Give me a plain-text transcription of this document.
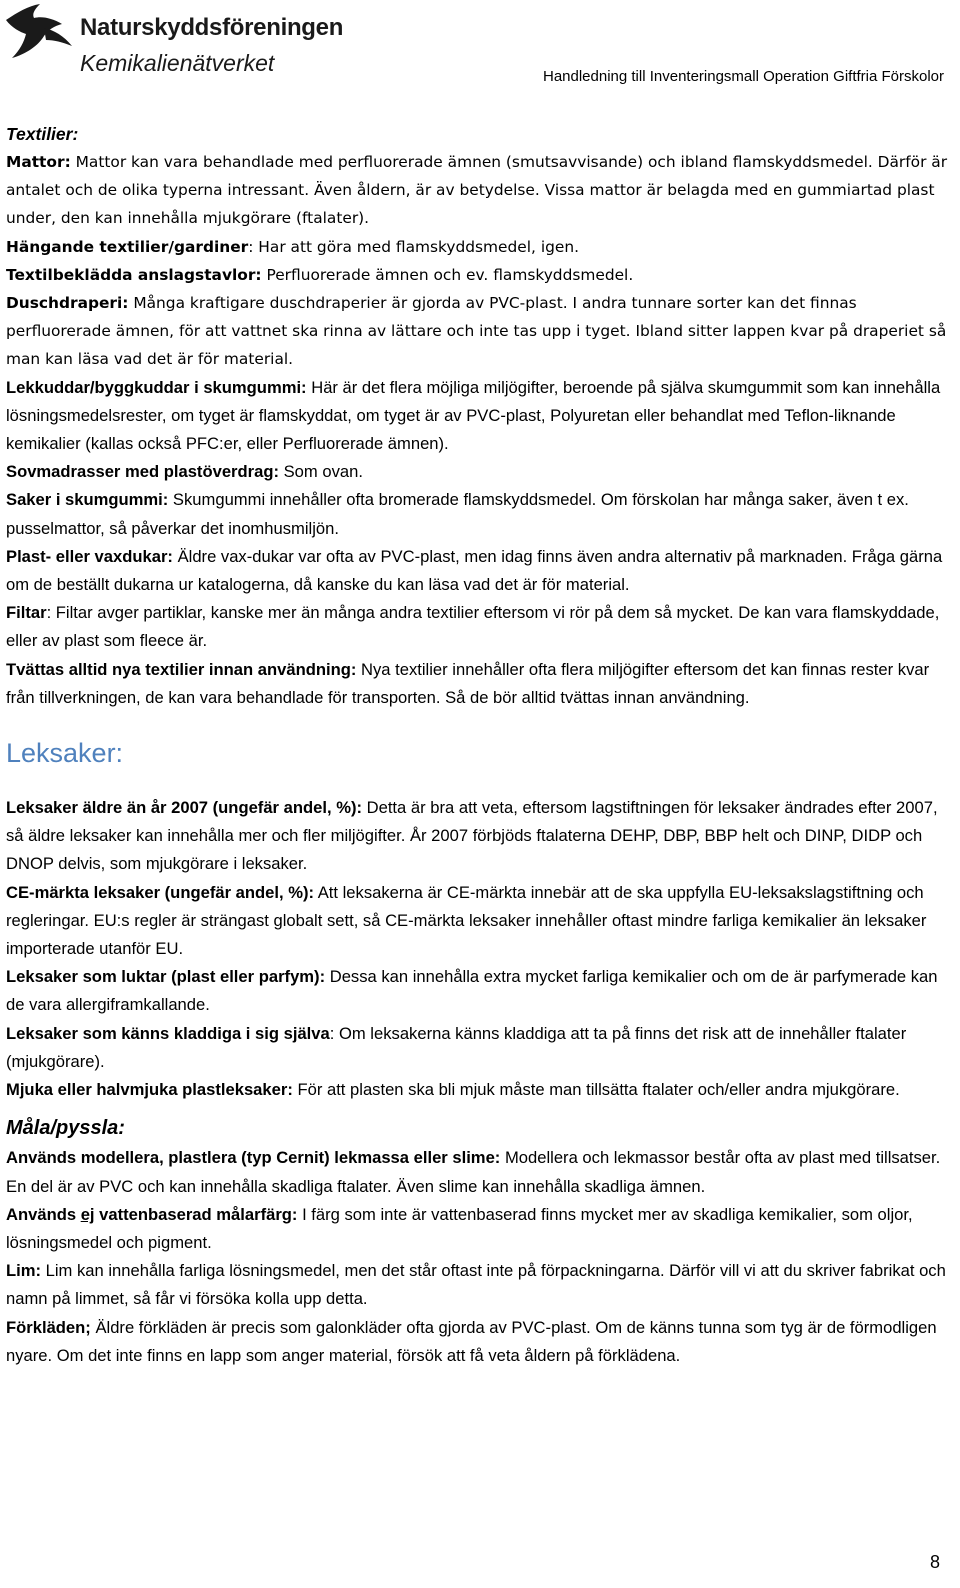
Naturskyddsföreningen
Kemikalienätverket
Handledning till Inventeringsmall Operation Giftfria Förskolor
Textilier:

Mattor: Mattor kan vara behandlade med perfluorerade ämnen (smutsavvisande) och ibland flamskyddsmedel. Därför är antalet och de olika typerna intressant. Även åldern, är av betydelse. Vissa mattor är belagda med en gummiartad plast under, den kan innehålla mjukgörare (ftalater).

Hängande textilier/gardiner: Har att göra med flamskyddsmedel, igen.

Textilbeklädda anslagstavlor: Perfluorerade ämnen och ev. flamskyddsmedel.

Duschdraperi: Många kraftigare duschdraperier är gjorda av PVC-plast. I andra tunnare sorter kan det finnas perfluorerade ämnen, för att vattnet ska rinna av lättare och inte tas upp i tyget. Ibland sitter lappen kvar på draperiet så man kan läsa vad det är för material.

Lekkuddar/byggkuddar i skumgummi: Här är det flera möjliga miljögifter, beroende på själva skumgummit som kan innehålla lösningsmedelsrester, om tyget är flamskyddat, om tyget är av PVC-plast, Polyuretan eller behandlat med Teflon-liknande kemikalier (kallas också PFC:er, eller Perfluorerade ämnen).

Sovmadrasser med plastöverdrag: Som ovan.

Saker i skumgummi: Skumgummi innehåller ofta bromerade flamskyddsmedel. Om förskolan har många saker, även t ex. pusselmattor, så påverkar det inomhusmiljön.

Plast- eller vaxdukar: Äldre vax-dukar var ofta av PVC-plast, men idag finns även andra alternativ på marknaden. Fråga gärna om de beställt dukarna ur katalogerna, då kanske du kan läsa vad det är för material.

Filtar: Filtar avger partiklar, kanske mer än många andra textilier eftersom vi rör på dem så mycket. De kan vara flamskyddade, eller av plast som fleece är.

Tvättas alltid nya textilier innan användning: Nya textilier innehåller ofta flera miljögifter eftersom det kan finnas rester kvar från tillverkningen, de kan vara behandlade för transporten. Så de bör alltid tvättas innan användning.

Leksaker:

Leksaker äldre än år 2007 (ungefär andel, %): Detta är bra att veta, eftersom lagstiftningen för leksaker ändrades efter 2007, så äldre leksaker kan innehålla mer och fler miljögifter. År 2007 förbjöds ftalaterna DEHP, DBP, BBP helt och DINP, DIDP och DNOP delvis, som mjukgörare i leksaker.

CE-märkta leksaker (ungefär andel, %): Att leksakerna är CE-märkta innebär att de ska uppfylla EU-leksakslagstiftning och regleringar. EU:s regler är strängast globalt sett, så CE-märkta leksaker innehåller oftast mindre farliga kemikalier än leksaker importerade utanför EU.

Leksaker som luktar (plast eller parfym): Dessa kan innehålla extra mycket farliga kemikalier och om de är parfymerade kan de vara allergiframkallande.

Leksaker som känns kladdiga i sig själva: Om leksakerna känns kladdiga att ta på finns det risk att de innehåller ftalater (mjukgörare).

Mjuka eller halvmjuka plastleksaker: För att plasten ska bli mjuk måste man tillsätta ftalater och/eller andra mjukgörare.

Måla/pyssla:

Används modellera, plastlera (typ Cernit) lekmassa eller slime: Modellera och lekmassor består ofta av plast med tillsatser. En del är av PVC och kan innehålla skadliga ftalater. Även slime kan innehålla skadliga ämnen.

Används ej vattenbaserad målarfärg: I färg som inte är vattenbaserad finns mycket mer av skadliga kemikalier, som oljor, lösningsmedel och pigment.

Lim: Lim kan innehålla farliga lösningsmedel, men det står oftast inte på förpackningarna. Därför vill vi att du skriver fabrikat och namn på limmet, så får vi försöka kolla upp detta.

Förkläden; Äldre förkläden är precis som galonkläder ofta gjorda av PVC-plast. Om de känns tunna som tyg är de förmodligen nyare. Om det inte finns en lapp som anger material, försök att få veta åldern på förklädena.

8
